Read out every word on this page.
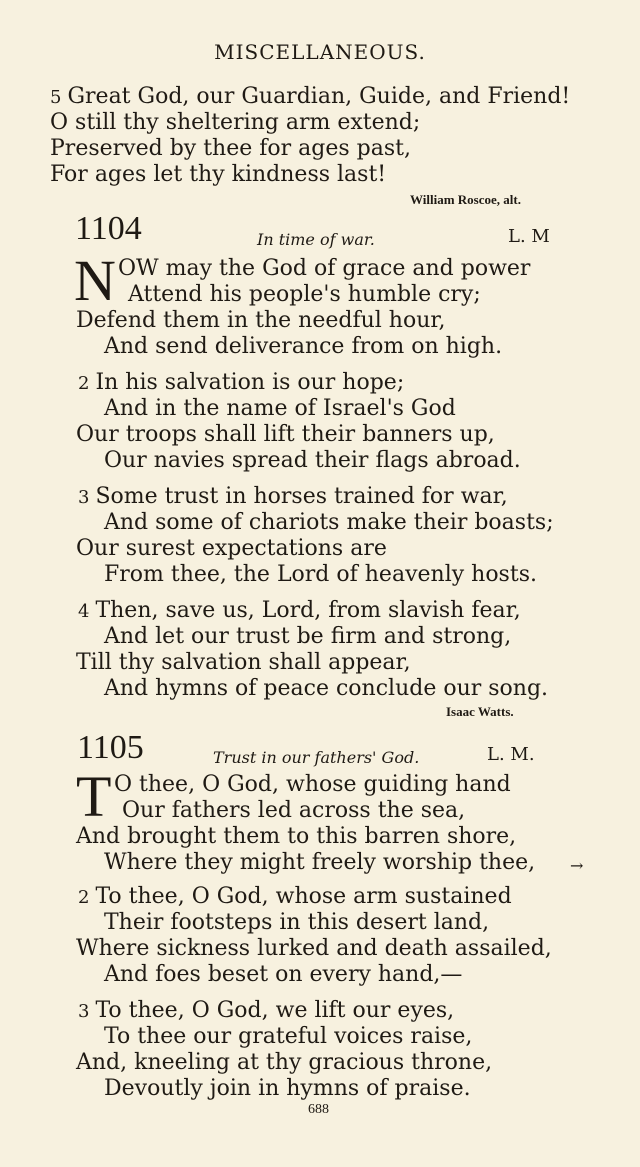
MISCELLANEOUS.
5 Great God, our Guardian, Guide, and Friend!
O still thy sheltering arm extend;
Preserved by thee for ages past,
For ages let thy kindness last!
William Roscoe, alt.
1104	In time of war.	L. M
N OW may the God of grace and power
Attend his people's humble cry;
Defend them in the needful hour,
And send deliverance from on high.
2 In his salvation is our hope;
And in the name of Israel's God
Our troops shall lift their banners up,
Our navies spread their flags abroad.
3 Some trust in horses trained for war,
And some of chariots make their boasts;
Our surest expectations are
From thee, the Lord of heavenly hosts.
4 Then, save us, Lord, from slavish fear,
And let our trust be firm and strong,
Till thy salvation shall appear,
And hymns of peace conclude our song.
Isaac Watts.
1105	Trust in our fathers' God.	L. M.
T O thee, O God, whose guiding hand
Our fathers led across the sea,
And brought them to this barren shore,
Where they might freely worship thee, →
2 To thee, O God, whose arm sustained
Their footsteps in this desert land,
Where sickness lurked and death assailed,
And foes beset on every hand,—
3 To thee, O God, we lift our eyes,
To thee our grateful voices raise,
And, kneeling at thy gracious throne,
Devoutly join in hymns of praise.
688
